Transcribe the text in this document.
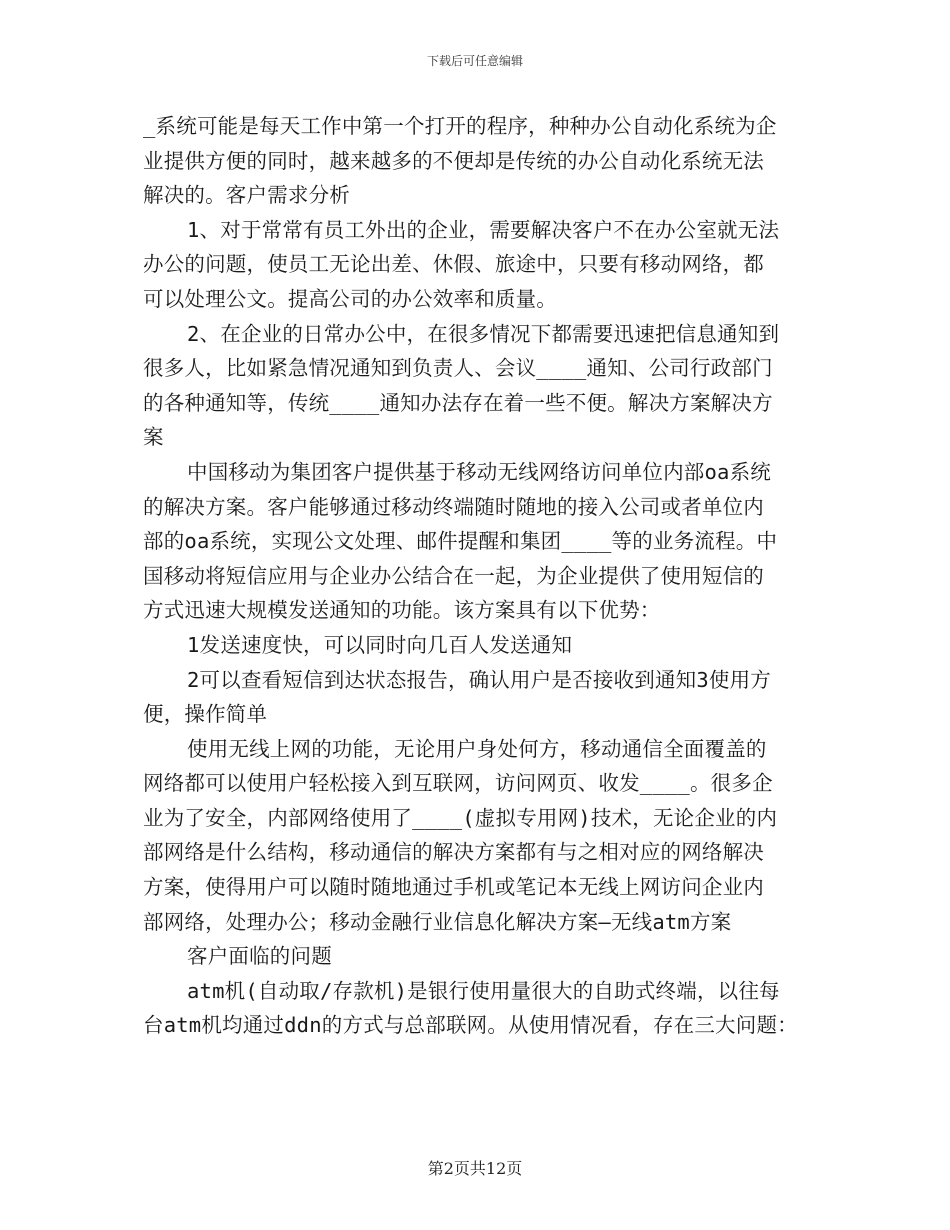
下载后可任意编辑
_系统可能是每天工作中第一个打开的程序，种种办公自动化系统为企
业提供方便的同时，越来越多的不便却是传统的办公自动化系统无法
解决的。客户需求分析
1、对于常常有员工外出的企业，需要解决客户不在办公室就无法
办公的问题，使员工无论出差、休假、旅途中，只要有移动网络，都
可以处理公文。提高公司的办公效率和质量。
2、在企业的日常办公中，在很多情况下都需要迅速把信息通知到
很多人，比如紧急情况通知到负责人、会议____通知、公司行政部门
的各种通知等，传统____通知办法存在着一些不便。解决方案解决方
案
中国移动为集团客户提供基于移动无线网络访问单位内部oa系统
的解决方案。客户能够通过移动终端随时随地的接入公司或者单位内
部的oa系统，实现公文处理、邮件提醒和集团____等的业务流程。中
国移动将短信应用与企业办公结合在一起，为企业提供了使用短信的
方式迅速大规模发送通知的功能。该方案具有以下优势：
1发送速度快，可以同时向几百人发送通知
2可以查看短信到达状态报告，确认用户是否接收到通知3使用方
便，操作简单
使用无线上网的功能，无论用户身处何方，移动通信全面覆盖的
网络都可以使用户轻松接入到互联网，访问网页、收发____。很多企
业为了安全，内部网络使用了____(虚拟专用网)技术，无论企业的内
部网络是什么结构，移动通信的解决方案都有与之相对应的网络解决
方案，使得用户可以随时随地通过手机或笔记本无线上网访问企业内
部网络，处理办公；移动金融行业信息化解决方案—无线atm方案
客户面临的问题
atm机(自动取/存款机)是银行使用量很大的自助式终端，以往每
台atm机均通过ddn的方式与总部联网。从使用情况看，存在三大问题：
第2页共12页
